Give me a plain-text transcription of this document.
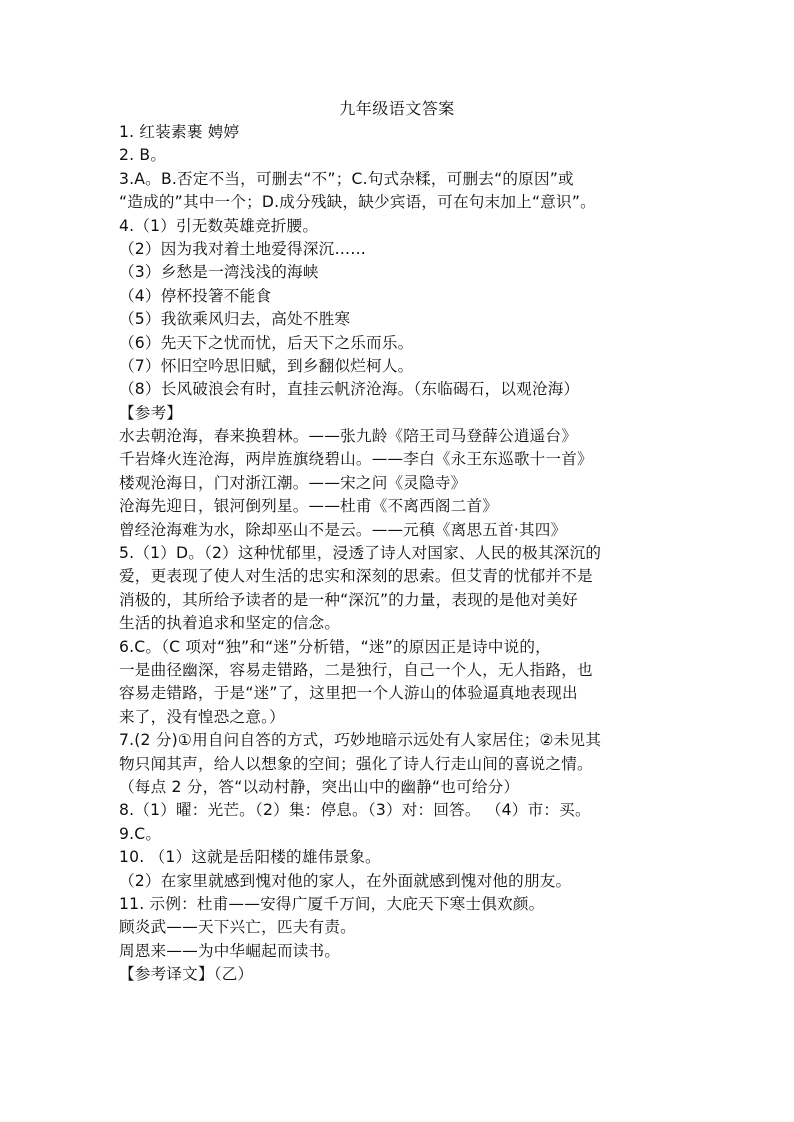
九年级语文答案
1. 红装素裹 娉婷
2. B。
3.A。B.否定不当，可删去“不”；C.句式杂糅，可删去“的原因”或
“造成的”其中一个；D.成分残缺，缺少宾语，可在句末加上“意识”。
4.（1）引无数英雄竞折腰。
（2）因为我对着土地爱得深沉……
（3）乡愁是一湾浅浅的海峡
（4）停杯投箸不能食
（5）我欲乘风归去，高处不胜寒
（6）先天下之忧而忧，后天下之乐而乐。
（7）怀旧空吟思旧赋，到乡翻似烂柯人。
（8）长风破浪会有时，直挂云帆济沧海。（东临碣石，以观沧海）
【参考】
水去朝沧海，春来换碧林。——张九龄《陪王司马登薛公逍遥台》
千岩烽火连沧海，两岸旌旗绕碧山。——李白《永王东巡歌十一首》
楼观沧海日，门对浙江潮。——宋之问《灵隐寺》
沧海先迎日，银河倒列星。——杜甫《不离西阁二首》
曾经沧海难为水，除却巫山不是云。——元稹《离思五首·其四》
5.（1）D。（2）这种忧郁里，浸透了诗人对国家、人民的极其深沉的
爱，更表现了使人对生活的忠实和深刻的思索。但艾青的忧郁并不是
消极的，其所给予读者的是一种“深沉”的力量，表现的是他对美好
生活的执着追求和坚定的信念。
6.C。（C 项对“独”和“迷”分析错，“迷”的原因正是诗中说的，
一是曲径幽深，容易走错路，二是独行，自己一个人，无人指路，也
容易走错路，于是“迷”了，这里把一个人游山的体验逼真地表现出
来了，没有惶恐之意。）
7.(2 分)①用自问自答的方式，巧妙地暗示远处有人家居住；②未见其
物只闻其声，给人以想象的空间；强化了诗人行走山间的喜说之情。
（每点 2 分，答“以动村静，突出山中的幽静“也可给分）
8.（1）曜：光芒。（2）集：停息。（3）对：回答。 （4）市：买。
9.C。
10. （1）这就是岳阳楼的雄伟景象。
（2）在家里就感到愧对他的家人，在外面就感到愧对他的朋友。
11. 示例：杜甫——安得广厦千万间，大庇天下寒士俱欢颜。
顾炎武——天下兴亡，匹夫有责。
周恩来——为中华崛起而读书。
【参考译文】（乙）
